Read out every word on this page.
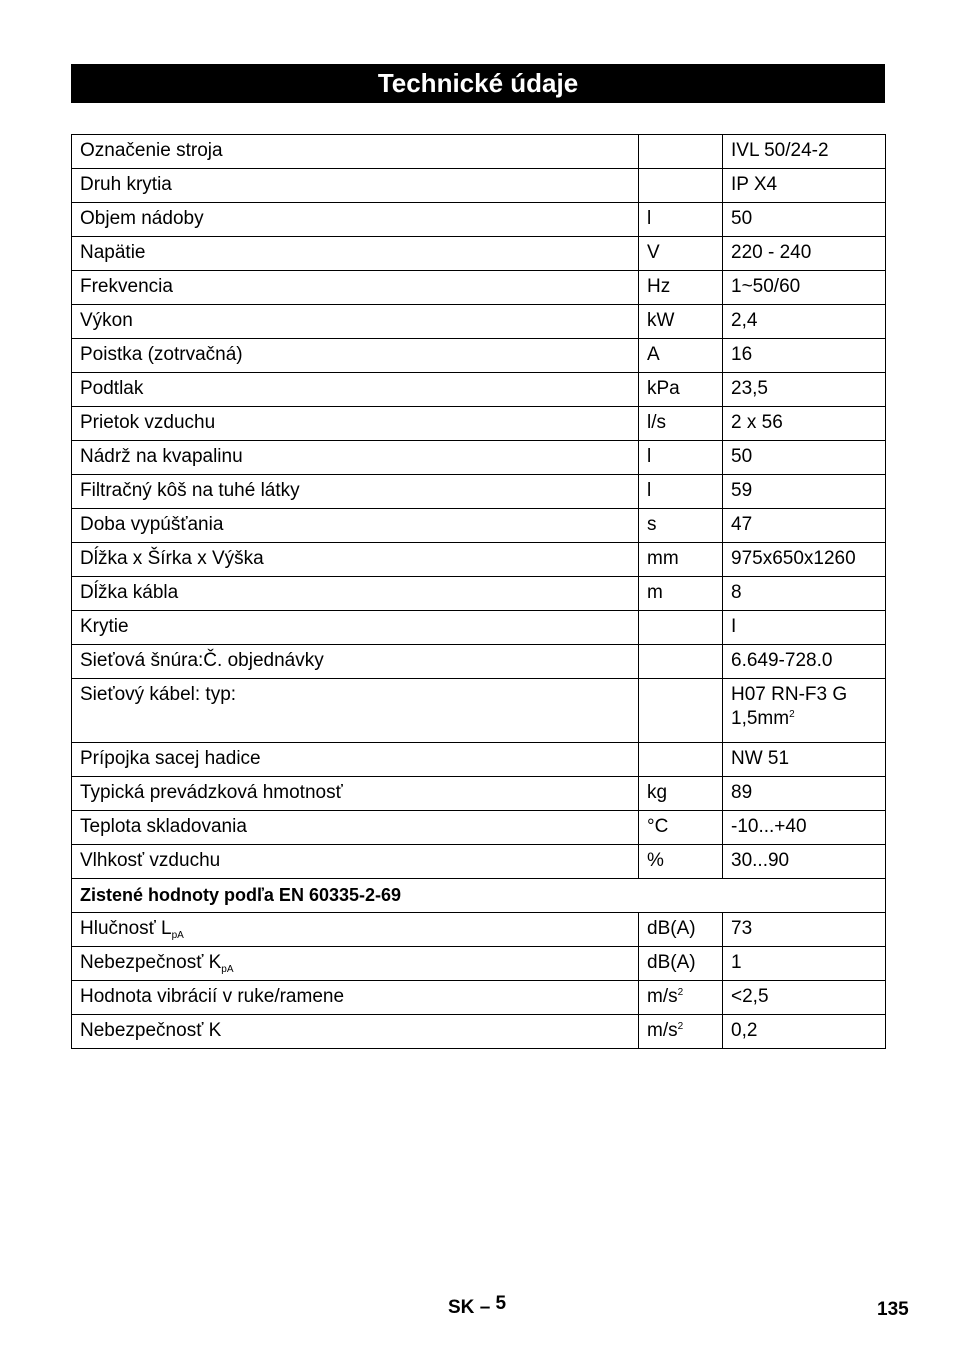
Technické údaje
Označenie stroja		IVL 50/24-2
Druh krytia		IP X4
Objem nádoby	l	50
Napätie	V	220 - 240
Frekvencia	Hz	1~50/60
Výkon	kW	2,4
Poistka (zotrvačná)	A	16
Podtlak	kPa	23,5
Prietok vzduchu	l/s	2 x 56
Nádrž na kvapalinu	l	50
Filtračný kôš na tuhé látky	l	59
Doba vypúšťania	s	47
Dĺžka x Šírka x Výška	mm	975x650x1260
Dĺžka kábla	m	8
Krytie		I
Sieťová šnúra:Č. objednávky		6.649-728.0
Sieťový kábel: typ:		H07 RN-F3 G
$1,5mm^2$
Prípojka sacej hadice		NW 51
Typická prevádzková hmotnosť	kg	89
Teplota skladovania	°C	-10...+40
Vlhkosť vzduchu	%	30...90
Zistené hodnoty podľa EN 60335-2-69		
Hlučnosť $L_{pA}$	dB(A)	73
Nebezpečnosť $K_{pA}$	dB(A)	1
Hodnota vibrácií v ruke/ramene	$m/s^2$	<2,5
Nebezpečnosť K	$m/s^2$	0,2
SK – 5	135
